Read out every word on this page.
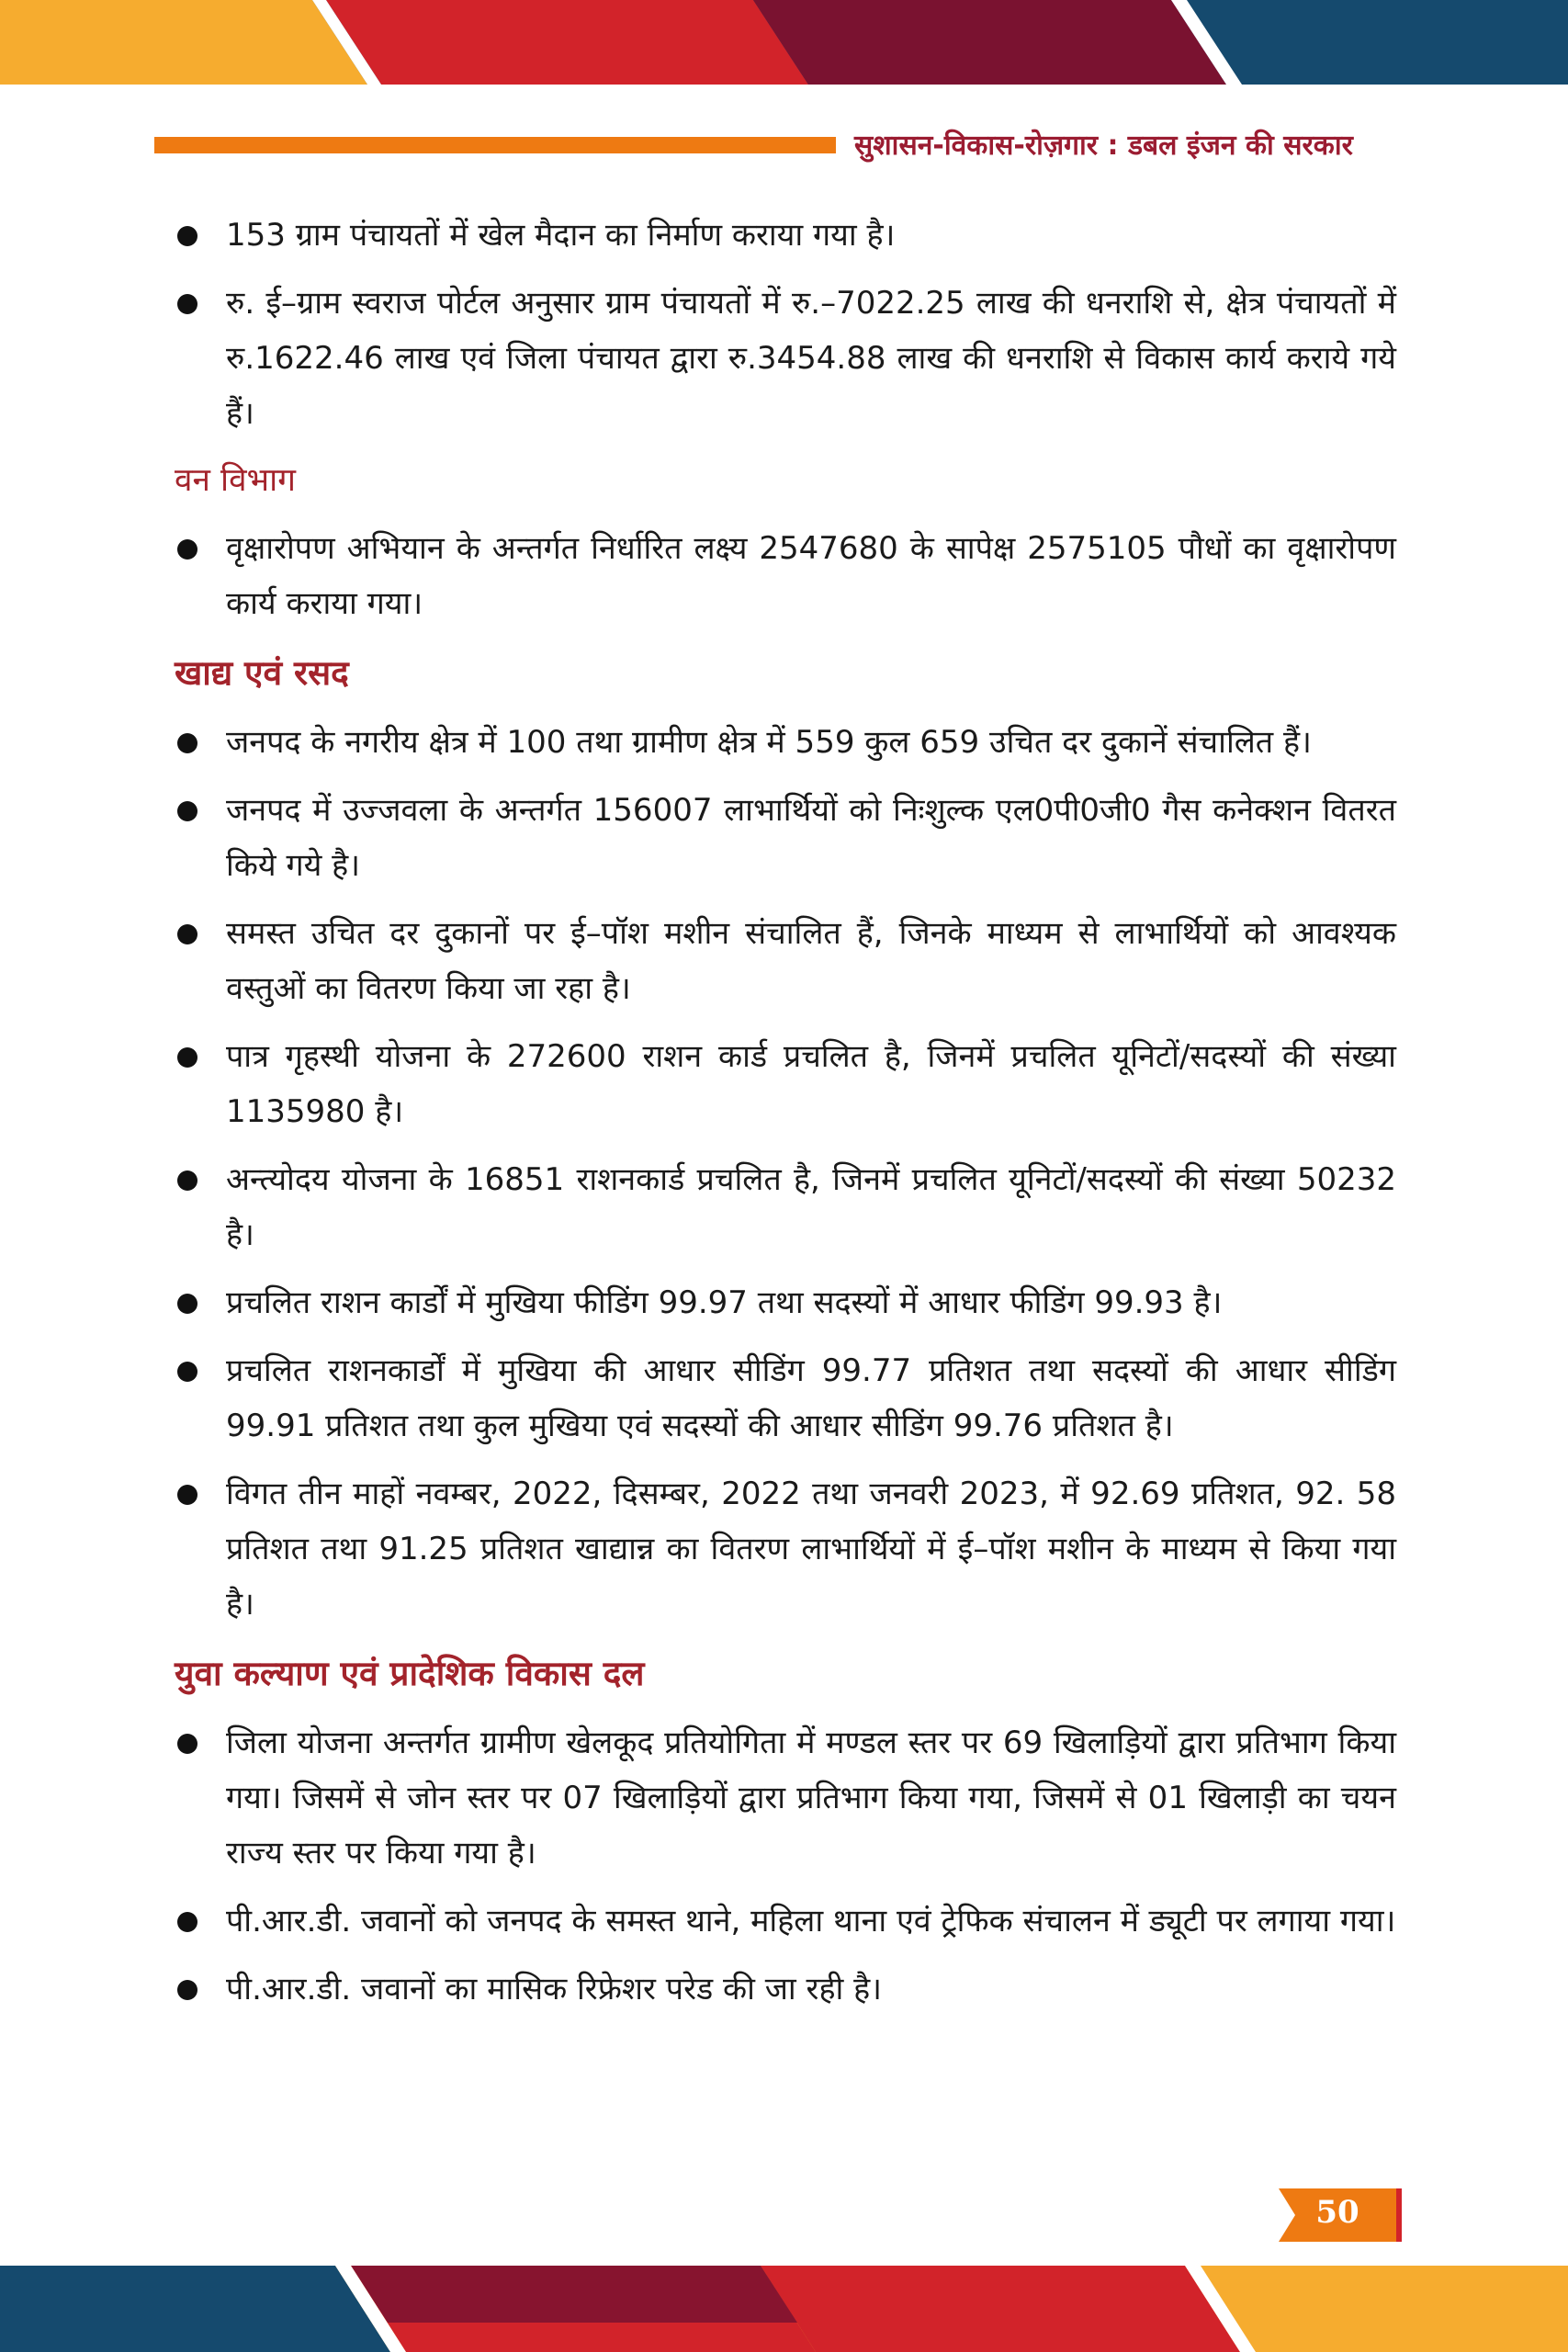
सुशासन-विकास-रोज़गार : डबल इंजन की सरकार
153 ग्राम पंचायतों में खेल मैदान का निर्माण कराया गया है।
रु. ई–ग्राम स्वराज पोर्टल अनुसार ग्राम पंचायतों में रु.–7022.25 लाख की धनराशि से, क्षेत्र पंचायतों में रु.1622.46 लाख एवं जिला पंचायत द्वारा रु.3454.88 लाख की धनराशि से विकास कार्य कराये गये हैं।
वन विभाग
वृक्षारोपण अभियान के अन्तर्गत निर्धारित लक्ष्य 2547680 के सापेक्ष 2575105 पौधों का वृक्षारोपण कार्य कराया गया।
खाद्य एवं रसद
जनपद के नगरीय क्षेत्र में 100 तथा ग्रामीण क्षेत्र में 559 कुल 659 उचित दर दुकानें संचालित हैं।
जनपद में उज्जवला के अन्तर्गत 156007 लाभार्थियों को निःशुल्क एल0पी0जी0 गैस कनेक्शन वितरत किये गये है।
समस्त उचित दर दुकानों पर ई–पॉश मशीन संचालित हैं, जिनके माध्यम से लाभार्थियों को आवश्यक वस्तुओं का वितरण किया जा रहा है।
पात्र गृहस्थी योजना के 272600 राशन कार्ड प्रचलित है, जिनमें प्रचलित यूनिटों/सदस्यों की संख्या 1135980 है।
अन्त्योदय योजना के 16851 राशनकार्ड प्रचलित है, जिनमें प्रचलित यूनिटों/सदस्यों की संख्या 50232 है।
प्रचलित राशन कार्डों में मुखिया फीडिंग 99.97 तथा सदस्यों में आधार फीडिंग 99.93 है।
प्रचलित राशनकार्डों में मुखिया की आधार सीडिंग 99.77 प्रतिशत तथा सदस्यों की आधार सीडिंग 99.91 प्रतिशत तथा कुल मुखिया एवं सदस्यों की आधार सीडिंग 99.76 प्रतिशत है।
विगत तीन माहों नवम्बर, 2022, दिसम्बर, 2022 तथा जनवरी 2023, में 92.69 प्रतिशत, 92. 58 प्रतिशत तथा 91.25 प्रतिशत खाद्यान्न का वितरण लाभार्थियों में ई–पॉश मशीन के माध्यम से किया गया है।
युवा कल्याण एवं प्रादेशिक विकास दल
जिला योजना अन्तर्गत ग्रामीण खेलकूद प्रतियोगिता में मण्डल स्तर पर 69 खिलाड़ियों द्वारा प्रतिभाग किया गया। जिसमें से जोन स्तर पर 07 खिलाड़ियों द्वारा प्रतिभाग किया गया, जिसमें से 01 खिलाड़ी का चयन राज्य स्तर पर किया गया है।
पी.आर.डी. जवानों को जनपद के समस्त थाने, महिला थाना एवं ट्रेफिक संचालन में ड्यूटी पर लगाया गया।
पी.आर.डी. जवानों का मासिक रिफ्रेशर परेड की जा रही है।
50
